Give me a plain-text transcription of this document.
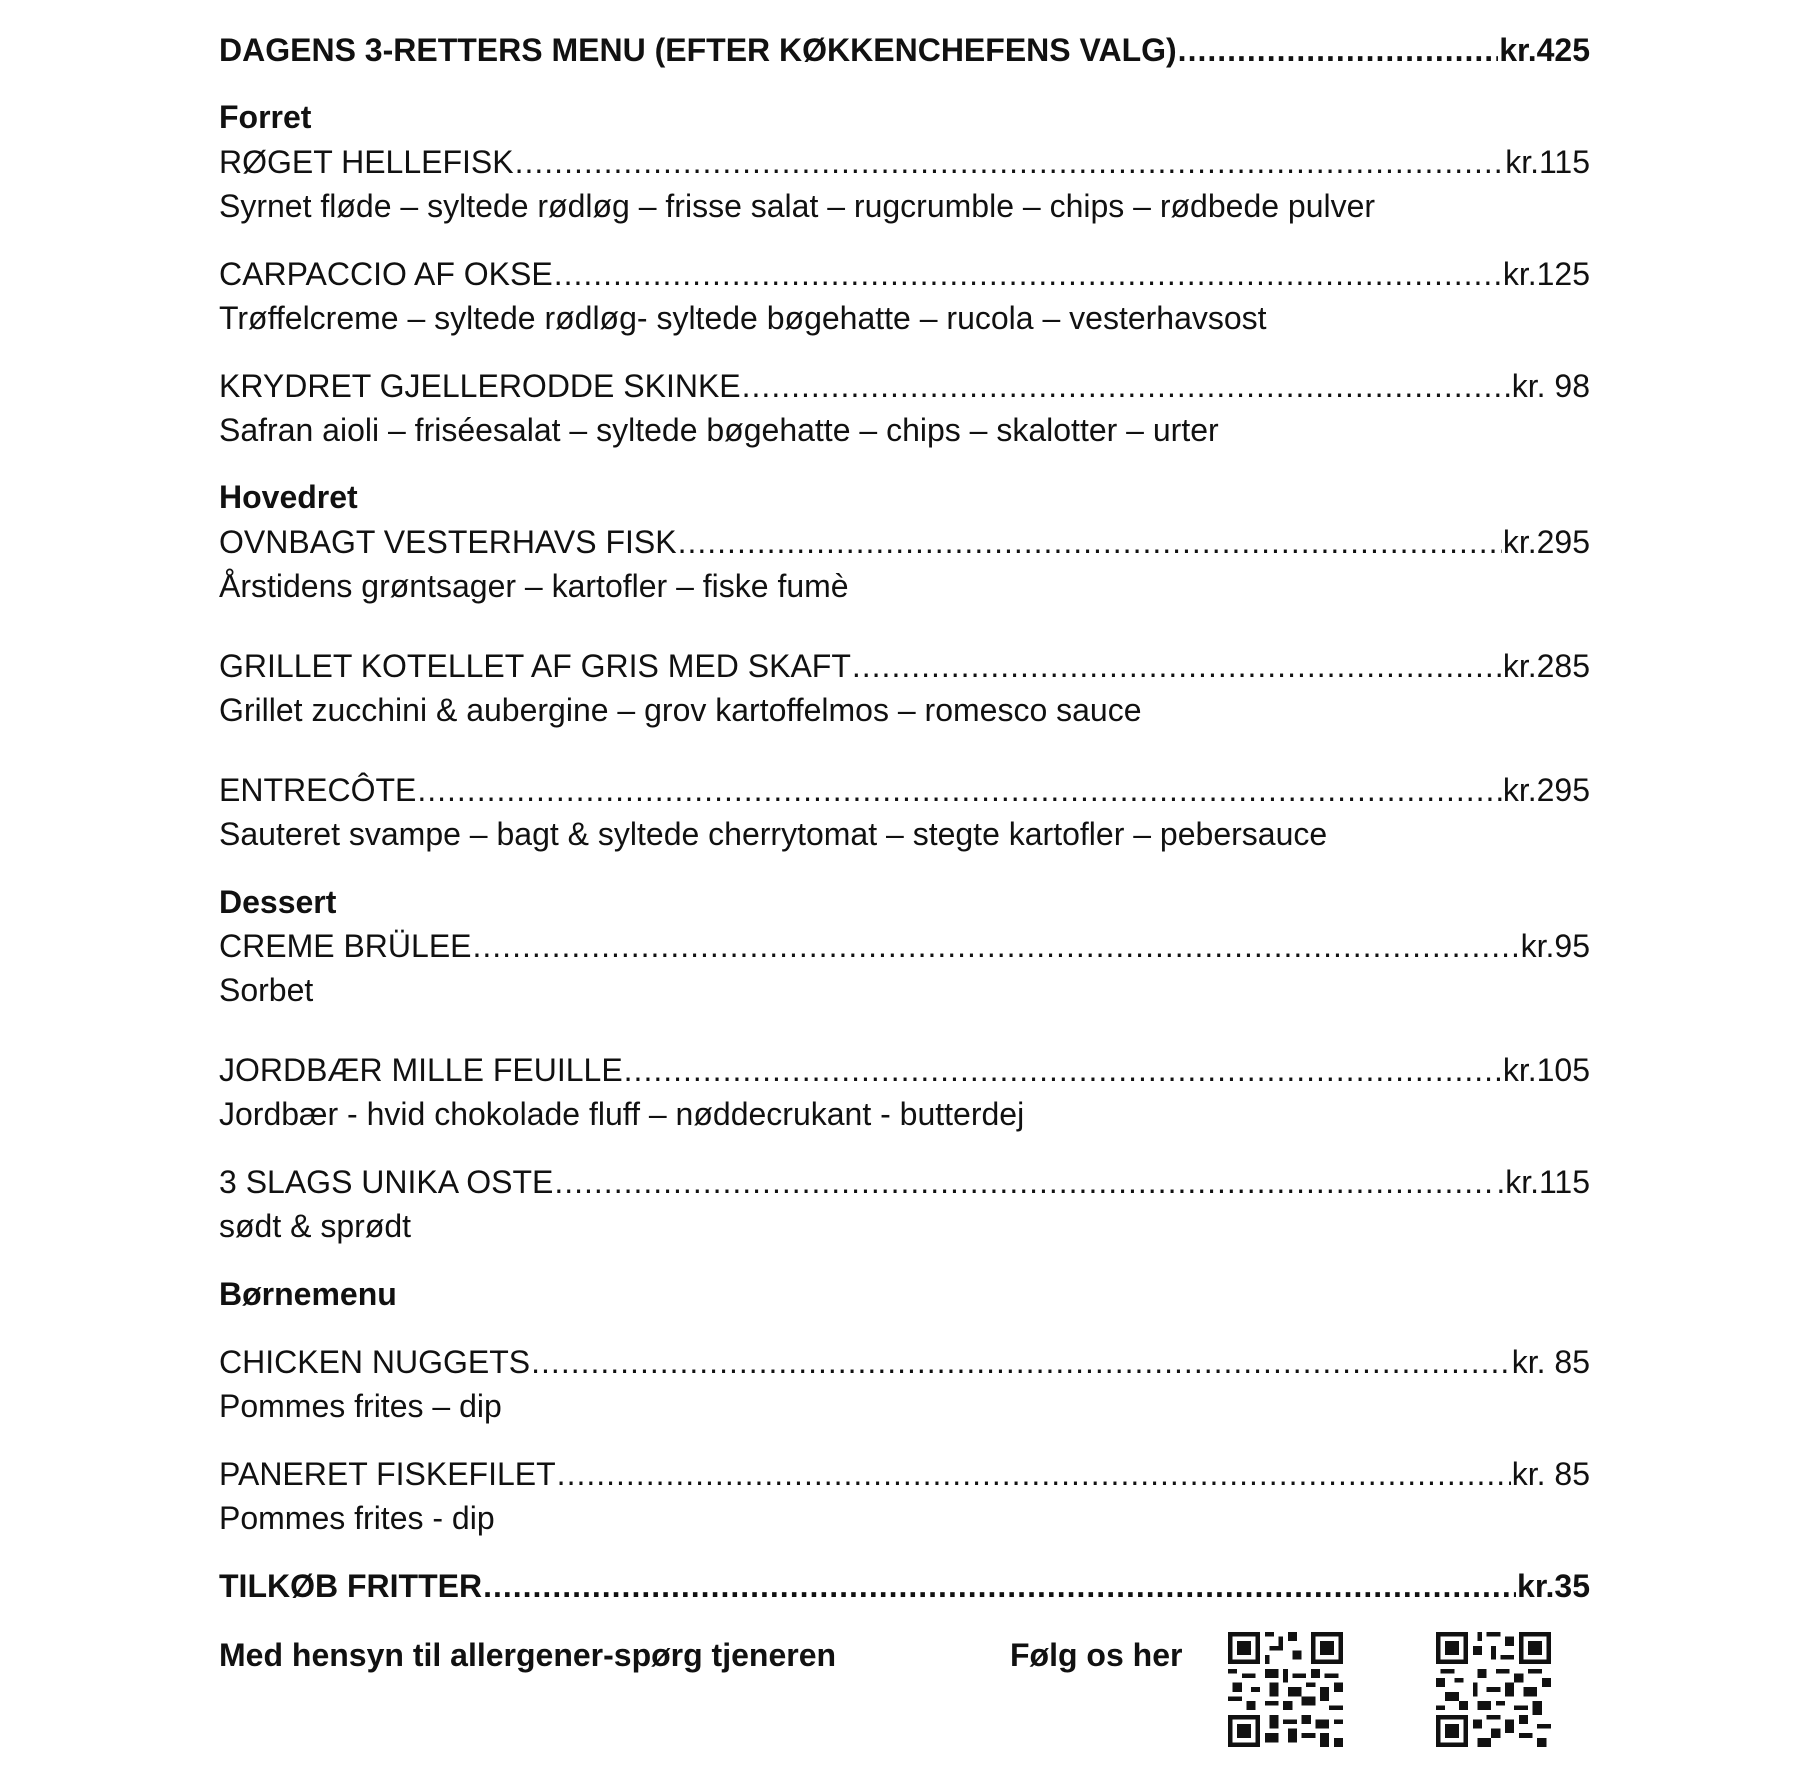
DAGENS 3-RETTERS MENU (EFTER KØKKENCHEFENS VALG) .....	kr.425
Forret
RØGET HELLEFISK .....	kr.115
Syrnet fløde – syltede rødløg – frisse salat – rugcrumble – chips – rødbede pulver
CARPACCIO AF OKSE .....	kr.125
Trøffelcreme – syltede rødløg- syltede bøgehatte – rucola – vesterhavsost
KRYDRET GJELLERODDE SKINKE .....	kr. 98
Safran aioli – friséesalat – syltede bøgehatte – chips – skalotter – urter
Hovedret
OVNBAGT VESTERHAVS FISK .....	kr.295
Årstidens grøntsager – kartofler – fiske fumè
GRILLET KOTELLET AF GRIS MED SKAFT .....	kr.285
Grillet zucchini & aubergine – grov kartoffelmos – romesco sauce
ENTRECÔTE .....	kr.295
Sauteret svampe – bagt & syltede cherrytomat – stegte kartofler – pebersauce
Dessert
CREME BRÜLEE .....	kr.95
Sorbet
JORDBÆR MILLE FEUILLE .....	kr.105
Jordbær - hvid chokolade fluff – nøddecrukant - butterdej
3 SLAGS UNIKA OSTE .....	.kr.115
sødt & sprødt
Børnemenu
CHICKEN NUGGETS .....	kr. 85
Pommes frites – dip
PANERET FISKEFILET .....	kr. 85
Pommes frites - dip
TILKØB FRITTER .....	kr.35
Med hensyn til allergener-spørg tjeneren	Følg os her
